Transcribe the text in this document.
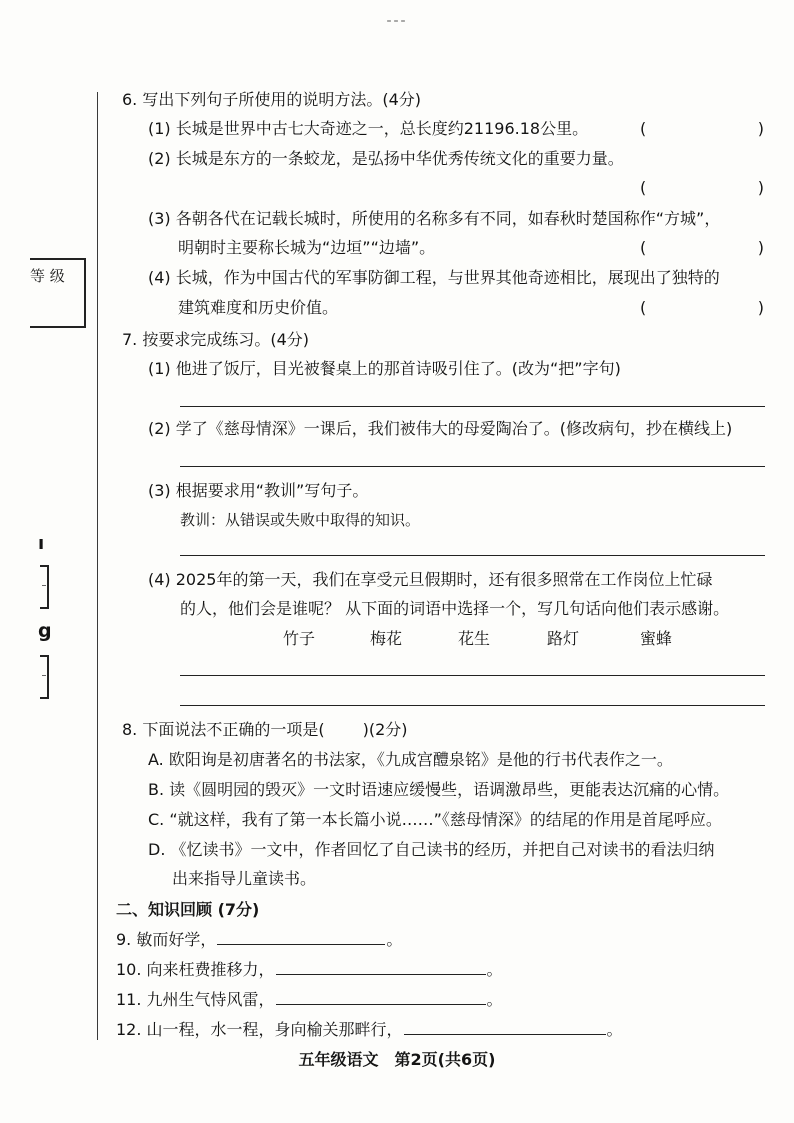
===
等 级
ı
g
6. 写出下列句子所使用的说明方法。(4分)
(1) 长城是世界中古七大奇迹之一，总长度约21196.18公里。	(	)
(2) 长城是东方的一条蛟龙，是弘扬中华优秀传统文化的重要力量。
(	)
(3) 各朝各代在记载长城时，所使用的名称多有不同，如春秋时楚国称作“方城”，
明朝时主要称长城为“边垣”“边墙”。	(	)
(4) 长城，作为中国古代的军事防御工程，与世界其他奇迹相比，展现出了独特的
建筑难度和历史价值。	(	)
7. 按要求完成练习。(4分)
(1) 他进了饭厅，目光被餐桌上的那首诗吸引住了。(改为“把”字句)
(2) 学了《慈母情深》一课后，我们被伟大的母爱陶冶了。(修改病句，抄在横线上)
(3) 根据要求用“教训”写句子。
教训：从错误或失败中取得的知识。
(4) 2025年的第一天，我们在享受元旦假期时，还有很多照常在工作岗位上忙碌
的人，他们会是谁呢？ 从下面的词语中选择一个，写几句话向他们表示感谢。
竹子	梅花	花生	路灯	蜜蜂
8. 下面说法不正确的一项是( )(2分)
A. 欧阳询是初唐著名的书法家，《九成宫醴泉铭》是他的行书代表作之一。
B. 读《圆明园的毁灭》一文时语速应缓慢些，语调激昂些，更能表达沉痛的心情。
C. “就这样，我有了第一本长篇小说……”《慈母情深》的结尾的作用是首尾呼应。
D. 《忆读书》一文中，作者回忆了自己读书的经历，并把自己对读书的看法归纳
出来指导儿童读书。
二、知识回顾 (7分)
9. 敏而好学，	。
10. 向来枉费推移力，	。
11. 九州生气恃风雷，	。
12. 山一程，水一程，身向榆关那畔行，	。
五年级语文　第2页(共6页)
